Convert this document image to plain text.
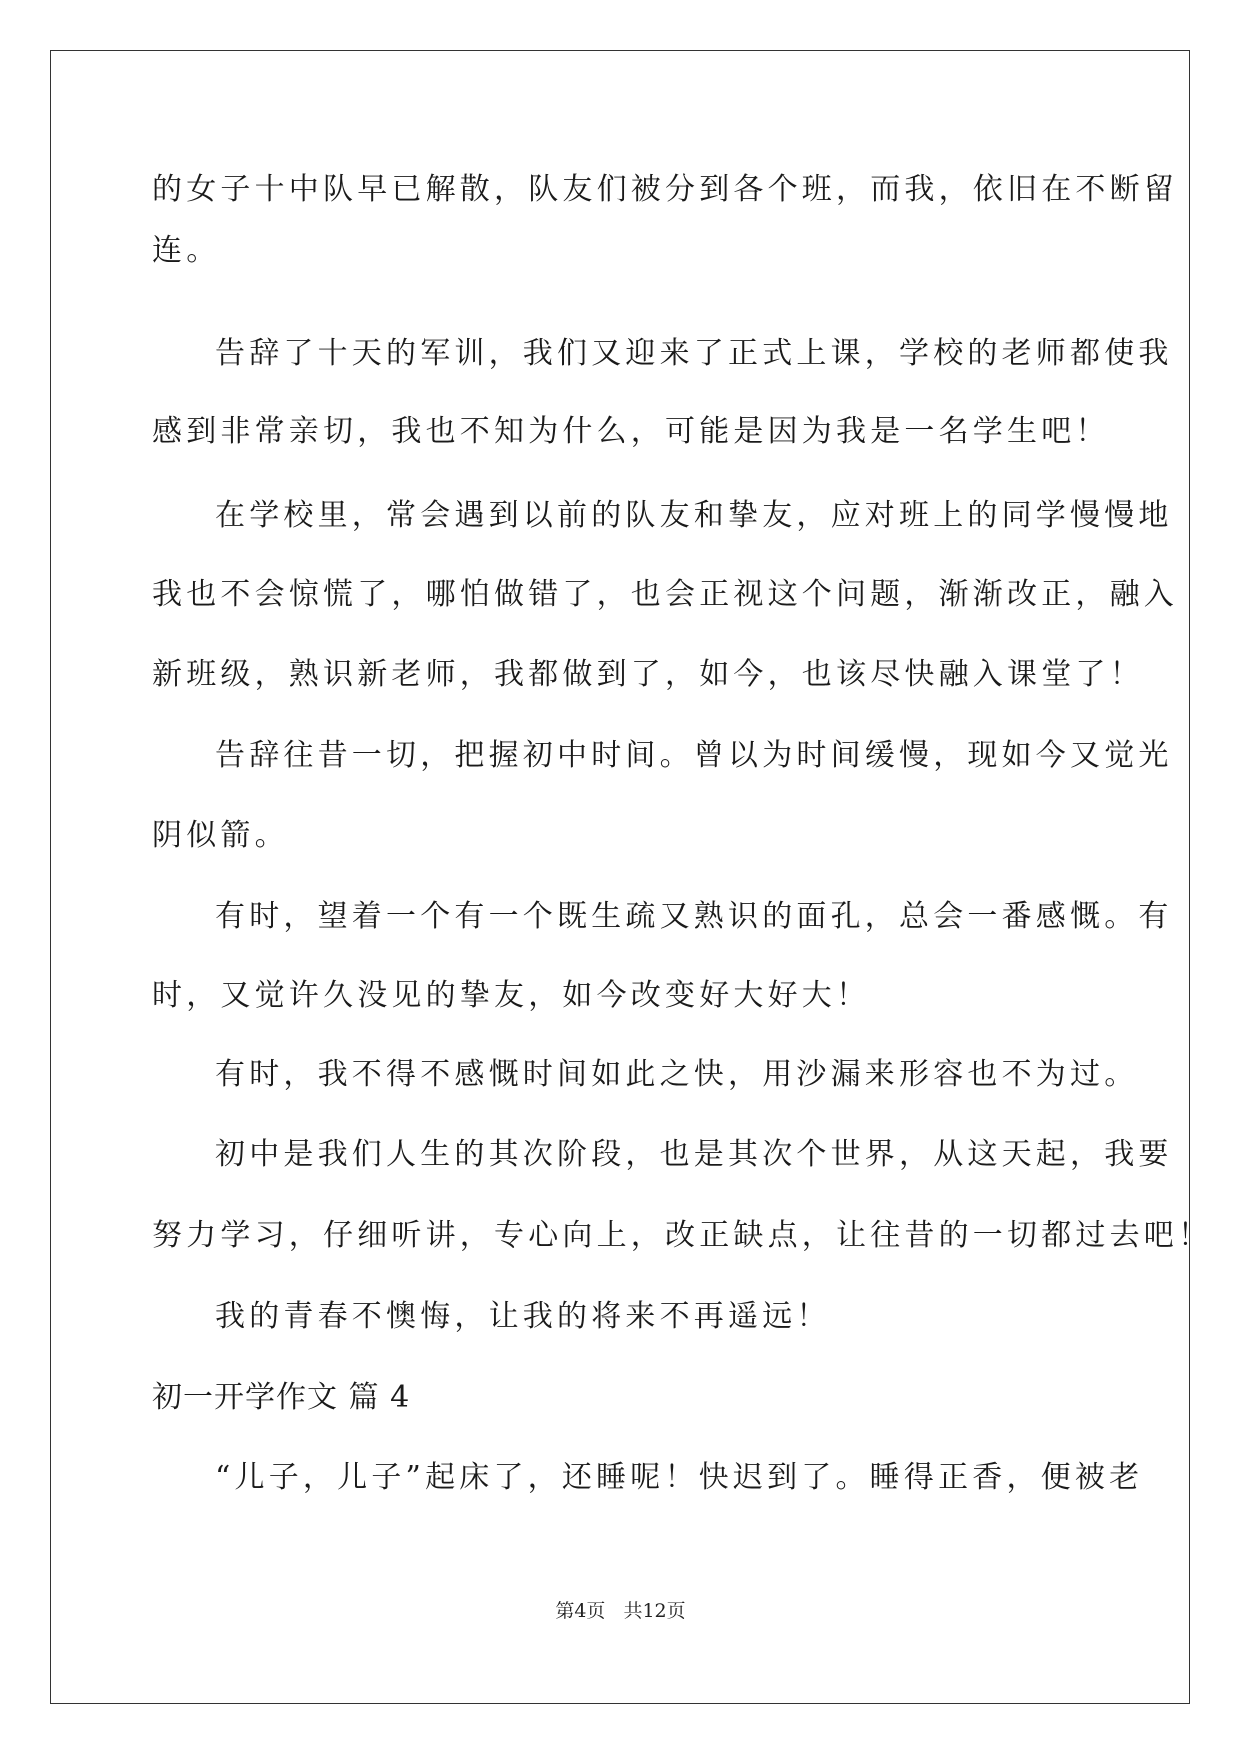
的女子十中队早已解散，队友们被分到各个班，而我，依旧在不断留
连。
告辞了十天的军训，我们又迎来了正式上课，学校的老师都使我
感到非常亲切，我也不知为什么，可能是因为我是一名学生吧！
在学校里，常会遇到以前的队友和挚友，应对班上的同学慢慢地
我也不会惊慌了，哪怕做错了，也会正视这个问题，渐渐改正，融入
新班级，熟识新老师，我都做到了，如今，也该尽快融入课堂了！
告辞往昔一切，把握初中时间。曾以为时间缓慢，现如今又觉光
阴似箭。
有时，望着一个有一个既生疏又熟识的面孔，总会一番感慨。有
时，又觉许久没见的挚友，如今改变好大好大！
有时，我不得不感慨时间如此之快，用沙漏来形容也不为过。
初中是我们人生的其次阶段，也是其次个世界，从这天起，我要
努力学习，仔细听讲，专心向上，改正缺点，让往昔的一切都过去吧！
我的青春不懊悔，让我的将来不再遥远！
初一开学作文 篇 4
“儿子，儿子”起床了，还睡呢！快迟到了。睡得正香，便被老
第4页 共12页
